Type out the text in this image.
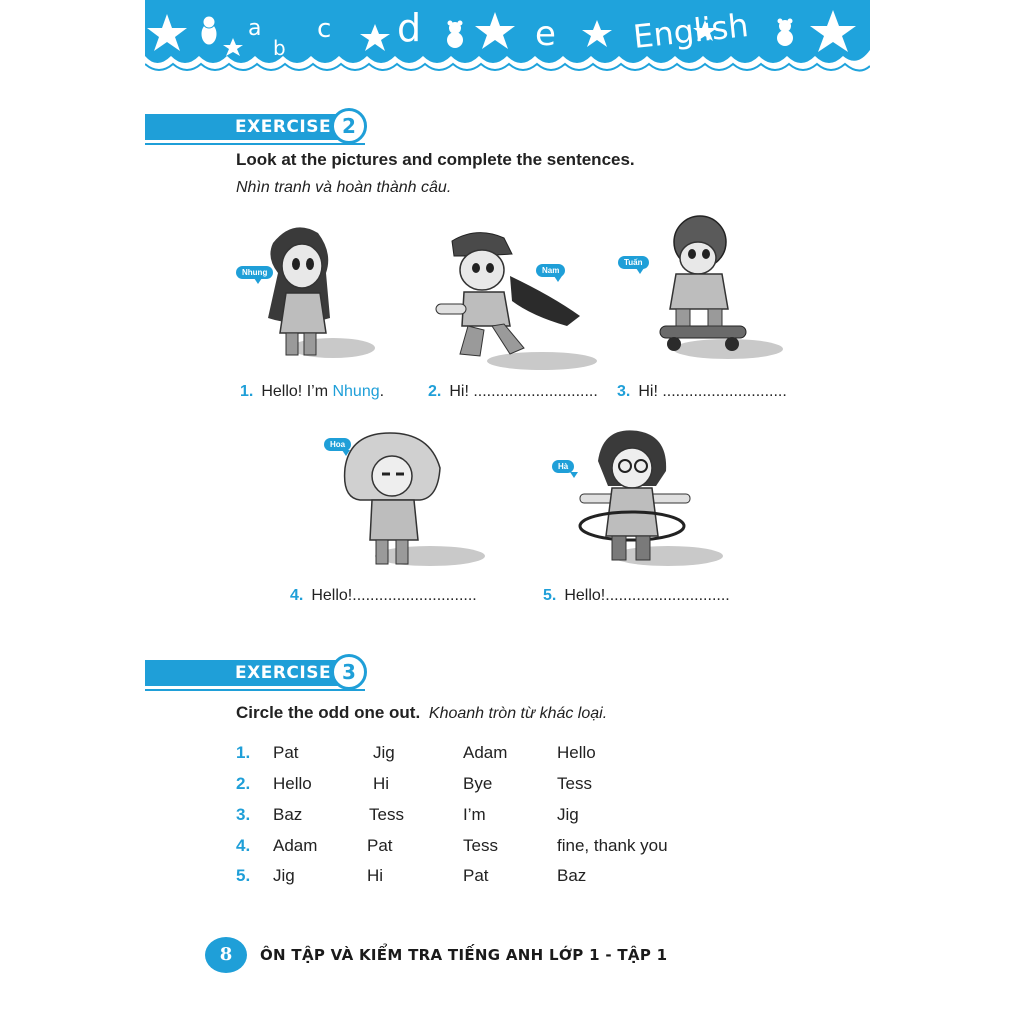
a
b
c d	e English
EXERCISE 2
Look at the pictures and complete the sentences.
Nhìn tranh và hoàn thành câu.
Nhung	Nam
Tuấn
1. Hello! I’m Nhung.	2. Hi! ............................ 3. Hi! ............................
Hoa
Hà
4. Hello!............................	5. Hello!............................
EXERCISE 3
Circle the odd one out. Khoanh tròn từ khác loại.
1. Pat	Jig	Adam	Hello
2. Hello	Hi	Bye	Tess
3. Baz	Tess	I’m	Jig
4. Adam	Pat	Tess	fine, thank you
5. Jig	Hi	Pat	Baz
8	ÔN TẬP VÀ KIỂM TRA TIẾNG ANH LỚP 1 - TẬP 1
